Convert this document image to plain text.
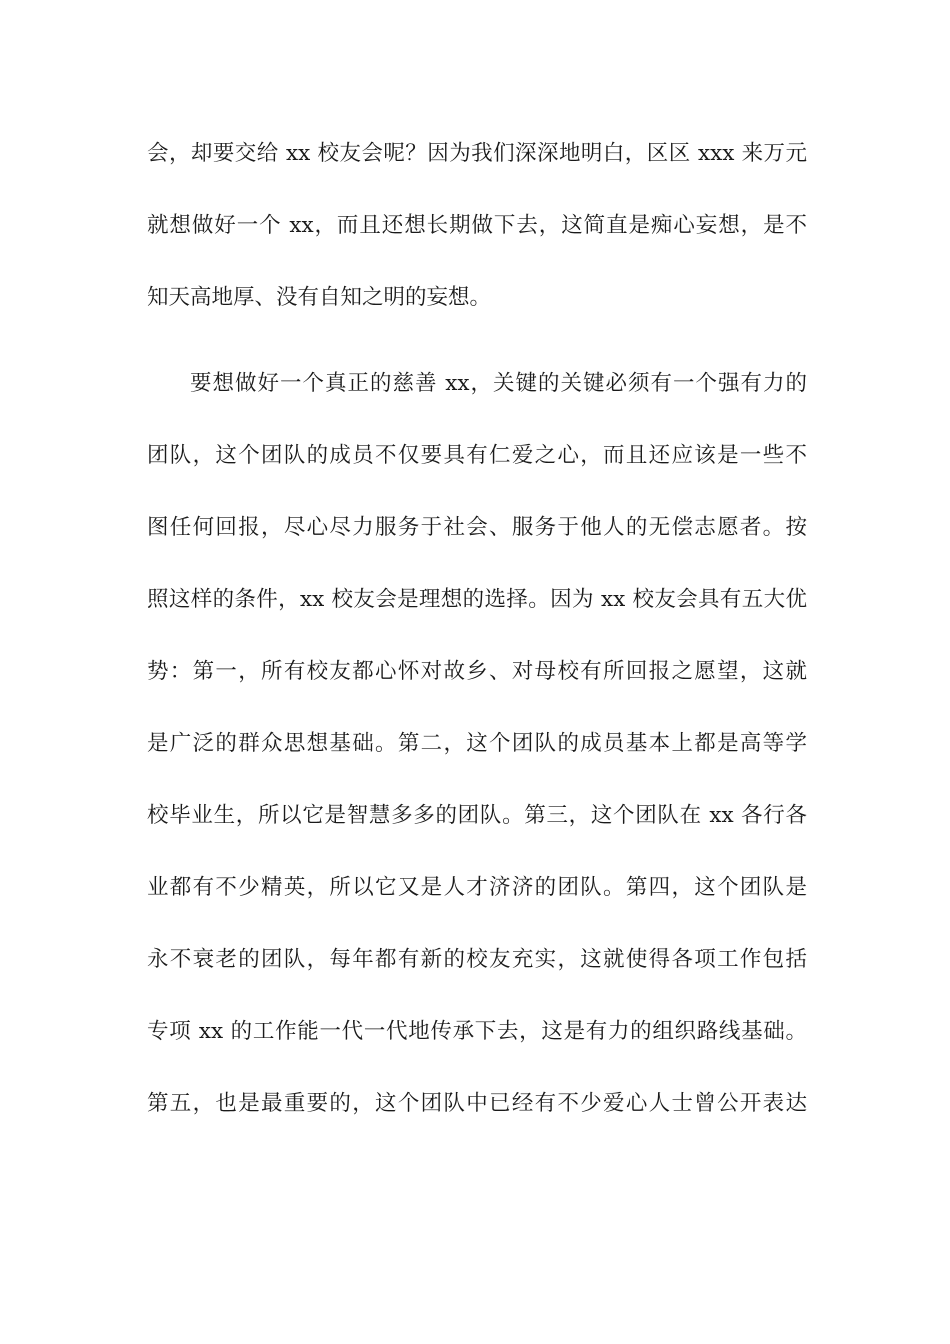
会，却要交给 xx 校友会呢？因为我们深深地明白，区区 xxx 来万元

就想做好一个 xx，而且还想长期做下去，这简直是痴心妄想，是不

知天高地厚、没有自知之明的妄想。

要想做好一个真正的慈善 xx，关键的关键必须有一个强有力的

团队，这个团队的成员不仅要具有仁爱之心，而且还应该是一些不

图任何回报，尽心尽力服务于社会、服务于他人的无偿志愿者。按

照这样的条件，xx 校友会是理想的选择。因为 xx 校友会具有五大优

势：第一，所有校友都心怀对故乡、对母校有所回报之愿望，这就

是广泛的群众思想基础。第二，这个团队的成员基本上都是高等学

校毕业生，所以它是智慧多多的团队。第三，这个团队在 xx 各行各

业都有不少精英，所以它又是人才济济的团队。第四，这个团队是

永不衰老的团队，每年都有新的校友充实，这就使得各项工作包括

专项 xx 的工作能一代一代地传承下去，这是有力的组织路线基础。

第五，也是最重要的，这个团队中已经有不少爱心人士曾公开表达
